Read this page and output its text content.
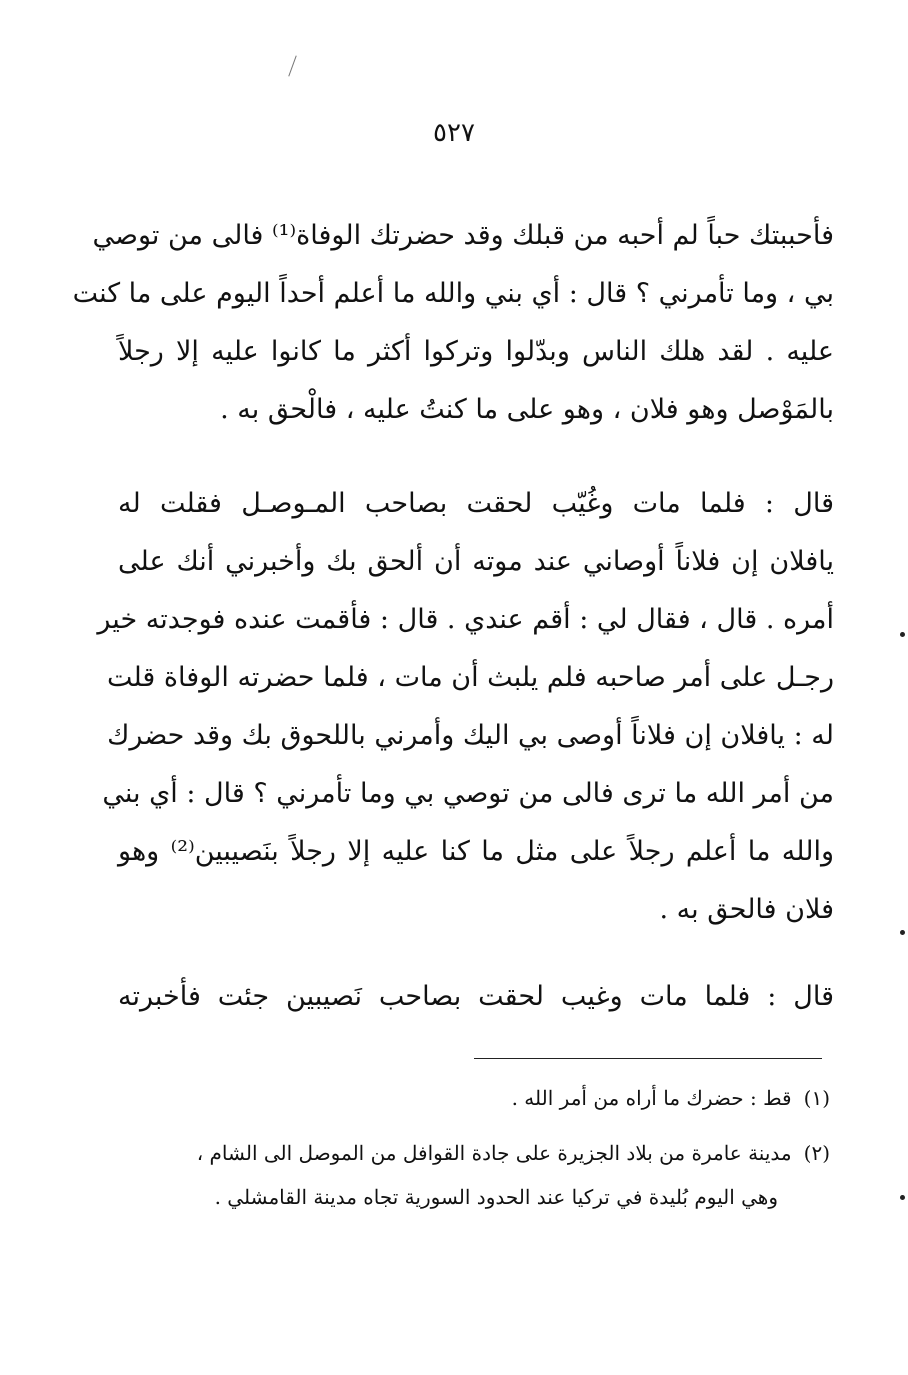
٥٢٧
فأحببتك حباً لم أحبه من قبلك وقد حضرتك الوفاة⁽¹⁾ فالى من توصي
بي ، وما تأمرني ؟ قال : أي بني والله ما أعلم أحداً اليوم على ما كنت
عليه . لقد هلك الناس وبدّلوا وتركوا أكثر ما كانوا عليه إلا رجلاً
بالمَوْصل وهو فلان ، وهو على ما كنتُ عليه ، فالْحق به .
قال : فلما مات وغُيّب لحقت بصاحب المـوصـل فقلت له
يافلان إن فلاناً أوصاني عند موته أن ألحق بك وأخبرني أنك على
أمره . قال ، فقال لي : أقم عندي . قال : فأقمت عنده فوجدته خير
رجـل على أمر صاحبه فلم يلبث أن مات ، فلما حضرته الوفاة قلت
له : يافلان إن فلاناً أوصى بي اليك وأمرني باللحوق بك وقد حضرك
من أمر الله ما ترى فالى من توصي بي وما تأمرني ؟ قال : أي بني
والله ما أعلم رجلاً على مثل ما كنا عليه إلا رجلاً بنَصيبين⁽²⁾ وهو
فلان فالحق به .
قال : فلما مات وغيب لحقت بصاحب نَصيبين جئت فأخبرته
(١)قط : حضرك ما أراه من أمر الله .
(٢)مدينة عامرة من بلاد الجزيرة على جادة القوافل من الموصل الى الشام ،
وهي اليوم بُليدة في تركيا عند الحدود السورية تجاه مدينة القامشلي .
